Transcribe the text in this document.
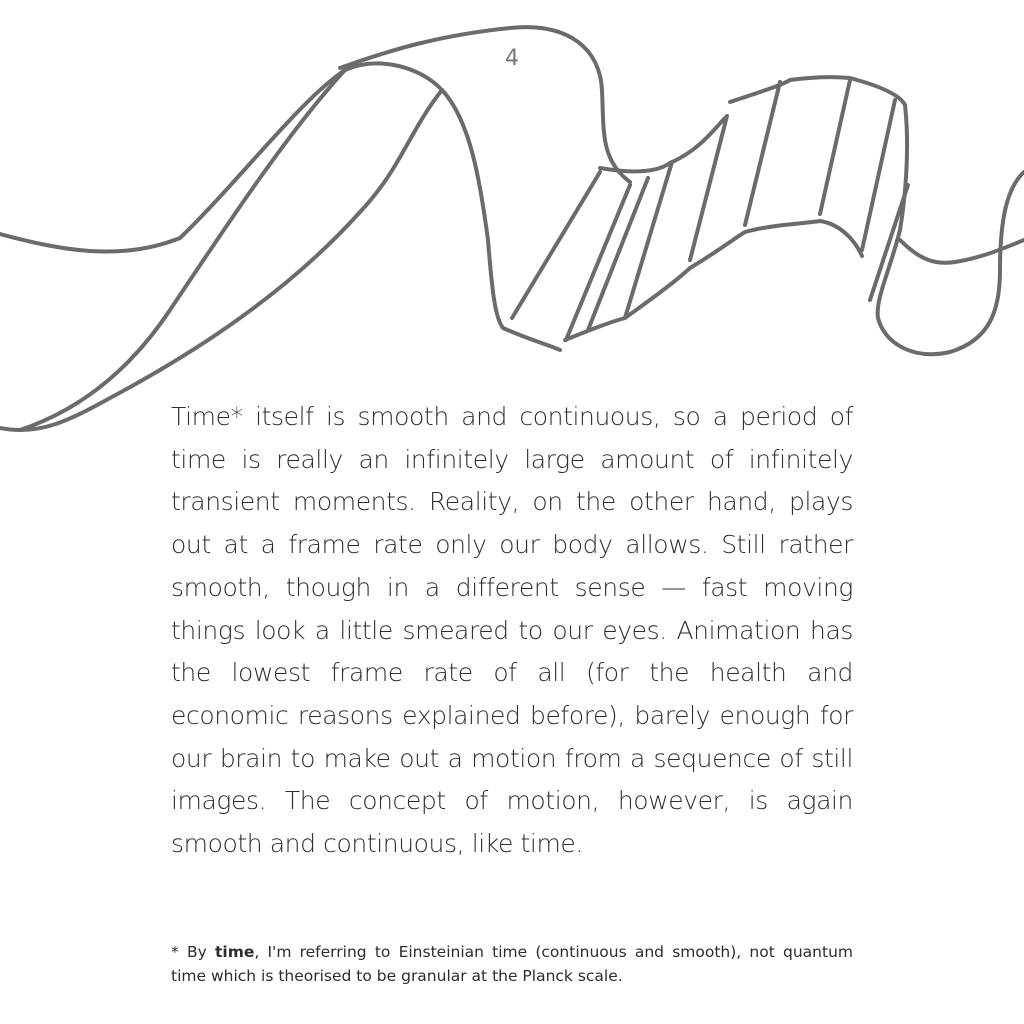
4
Time* itself is smooth and continuous, so a period of time is really an infinitely large amount of infinitely transient moments. Reality, on the other hand, plays out at a frame rate only our body allows. Still rather smooth, though in a different sense — fast moving things look a little smeared to our eyes. Animation has the lowest frame rate of all (for the health and economic reasons explained before), barely enough for our brain to make out a motion from a sequence of still images. The concept of motion, however, is again smooth and continuous, like time.
* By time, I'm referring to Einsteinian time (continuous and smooth), not quantum time which is theorised to be granular at the Planck scale.
